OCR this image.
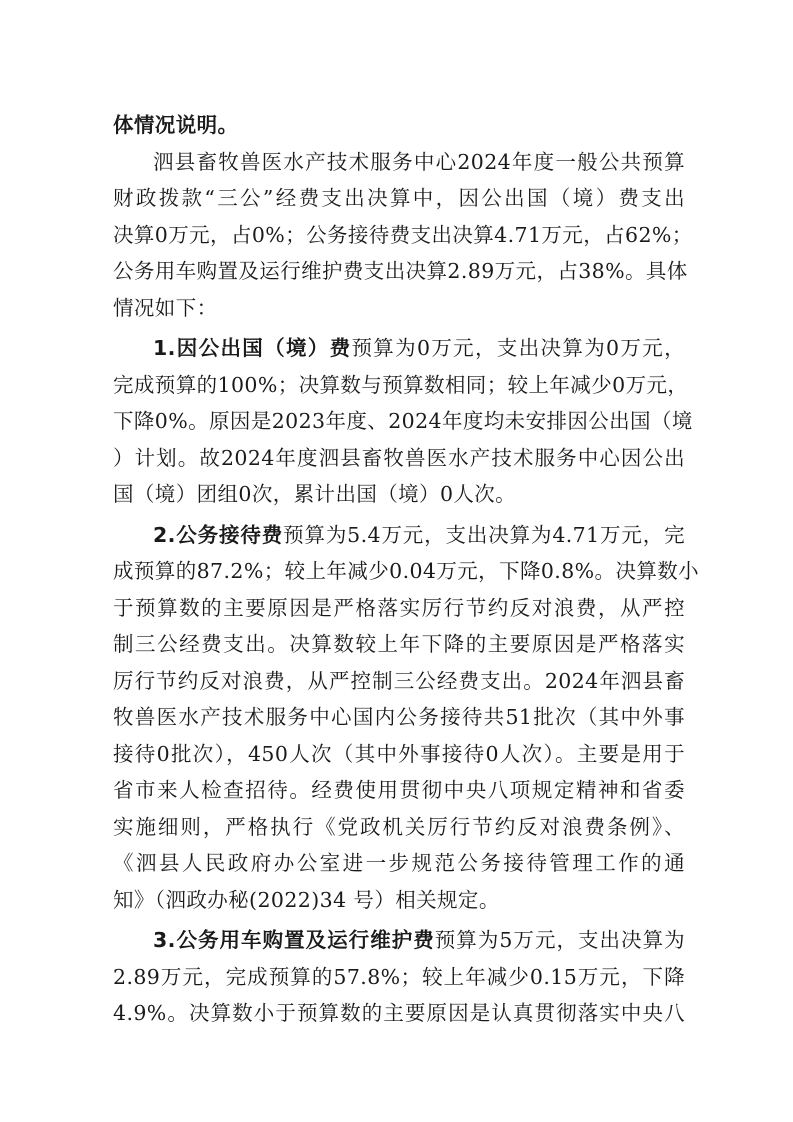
体情况说明。
泗县畜牧兽医水产技术服务中心2024年度一般公共预算
财政拨款“三公”经费支出决算中，因公出国（境）费支出
决算0万元，占0%；公务接待费支出决算4.71万元，占62%；
公务用车购置及运行维护费支出决算2.89万元，占38%。具体
情况如下：
1.因公出国（境）费预算为0万元，支出决算为0万元，
完成预算的100%；决算数与预算数相同；较上年减少0万元，
下降0%。原因是2023年度、2024年度均未安排因公出国（境
）计划。故2024年度泗县畜牧兽医水产技术服务中心因公出
国（境）团组0次，累计出国（境）0人次。
2.公务接待费预算为5.4万元，支出决算为4.71万元，完
成预算的87.2%；较上年减少0.04万元，下降0.8%。决算数小
于预算数的主要原因是严格落实厉行节约反对浪费，从严控
制三公经费支出。决算数较上年下降的主要原因是严格落实
厉行节约反对浪费，从严控制三公经费支出。2024年泗县畜
牧兽医水产技术服务中心国内公务接待共51批次（其中外事
接待0批次），450人次（其中外事接待0人次）。主要是用于
省市来人检查招待。经费使用贯彻中央八项规定精神和省委
实施细则，严格执行《党政机关厉行节约反对浪费条例》、
《泗县人民政府办公室进一步规范公务接待管理工作的通
知》（泗政办秘(2022)34 号）相关规定。
3.公务用车购置及运行维护费预算为5万元，支出决算为
2.89万元，完成预算的57.8%；较上年减少0.15万元，下降
4.9%。决算数小于预算数的主要原因是认真贯彻落实中央八
